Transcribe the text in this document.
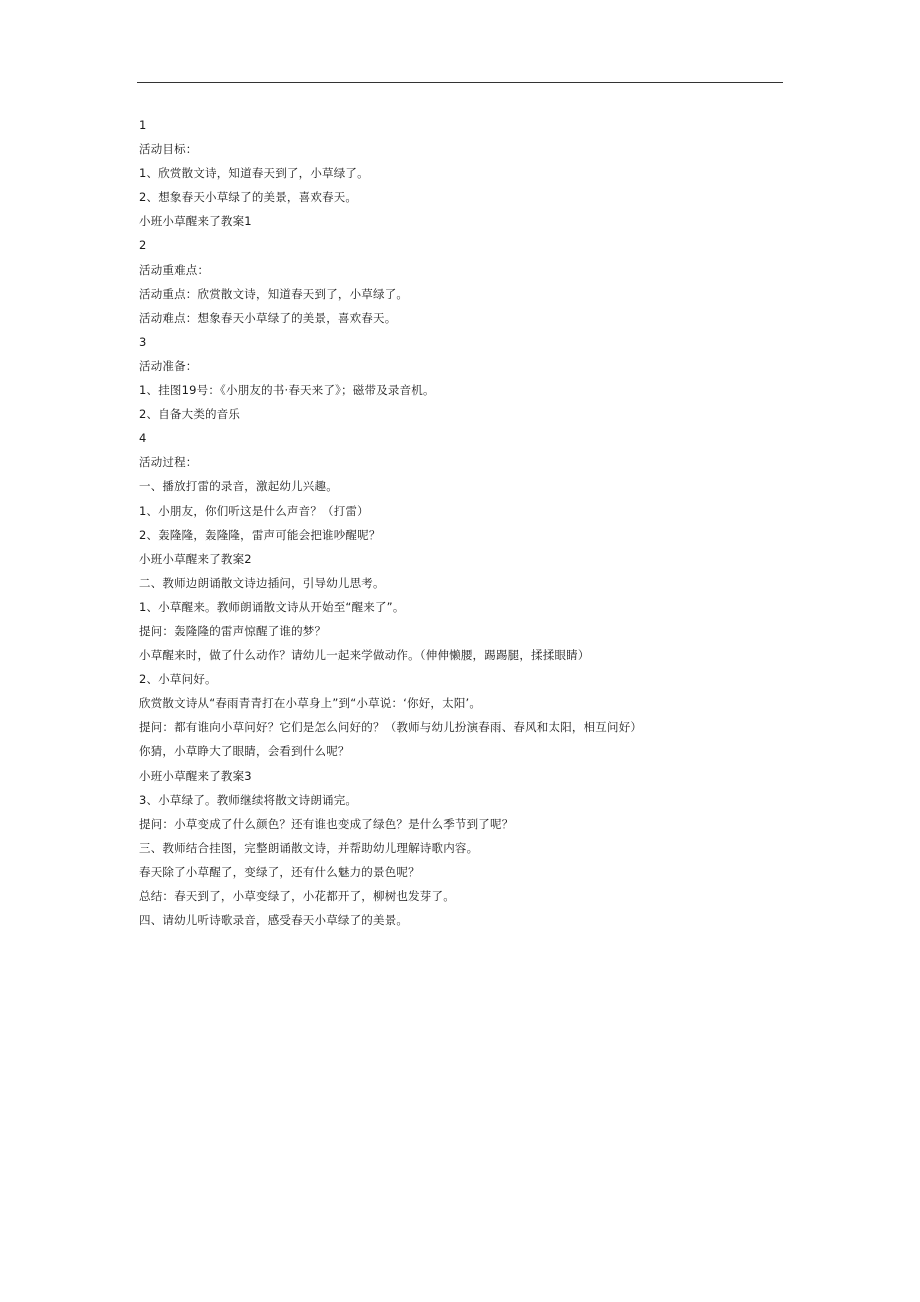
1
活动目标：
1、欣赏散文诗，知道春天到了，小草绿了。
2、想象春天小草绿了的美景，喜欢春天。
小班小草醒来了教案1
2
活动重难点：
活动重点：欣赏散文诗，知道春天到了，小草绿了。
活动难点：想象春天小草绿了的美景，喜欢春天。
3
活动准备：
1、挂图19号：《小朋友的书·春天来了》；磁带及录音机。
2、自备大类的音乐
4
活动过程：
一、播放打雷的录音，激起幼儿兴趣。
1、小朋友，你们听这是什么声音？（打雷）
2、轰隆隆，轰隆隆，雷声可能会把谁吵醒呢？
小班小草醒来了教案2
二、教师边朗诵散文诗边插问，引导幼儿思考。
1、小草醒来。教师朗诵散文诗从开始至“醒来了”。
提问：轰隆隆的雷声惊醒了谁的梦？
小草醒来时，做了什么动作？请幼儿一起来学做动作。（伸伸懒腰，踢踢腿，揉揉眼睛）
2、小草问好。
欣赏散文诗从“春雨青青打在小草身上”到“小草说：‘你好，太阳’。
提问：都有谁向小草问好？它们是怎么问好的？（教师与幼儿扮演春雨、春风和太阳，相互问好）
你猜，小草睁大了眼睛，会看到什么呢？
小班小草醒来了教案3
3、小草绿了。教师继续将散文诗朗诵完。
提问：小草变成了什么颜色？还有谁也变成了绿色？是什么季节到了呢？
三、教师结合挂图，完整朗诵散文诗，并帮助幼儿理解诗歌内容。
春天除了小草醒了，变绿了，还有什么魅力的景色呢？
总结：春天到了，小草变绿了，小花都开了，柳树也发芽了。
四、请幼儿听诗歌录音，感受春天小草绿了的美景。
